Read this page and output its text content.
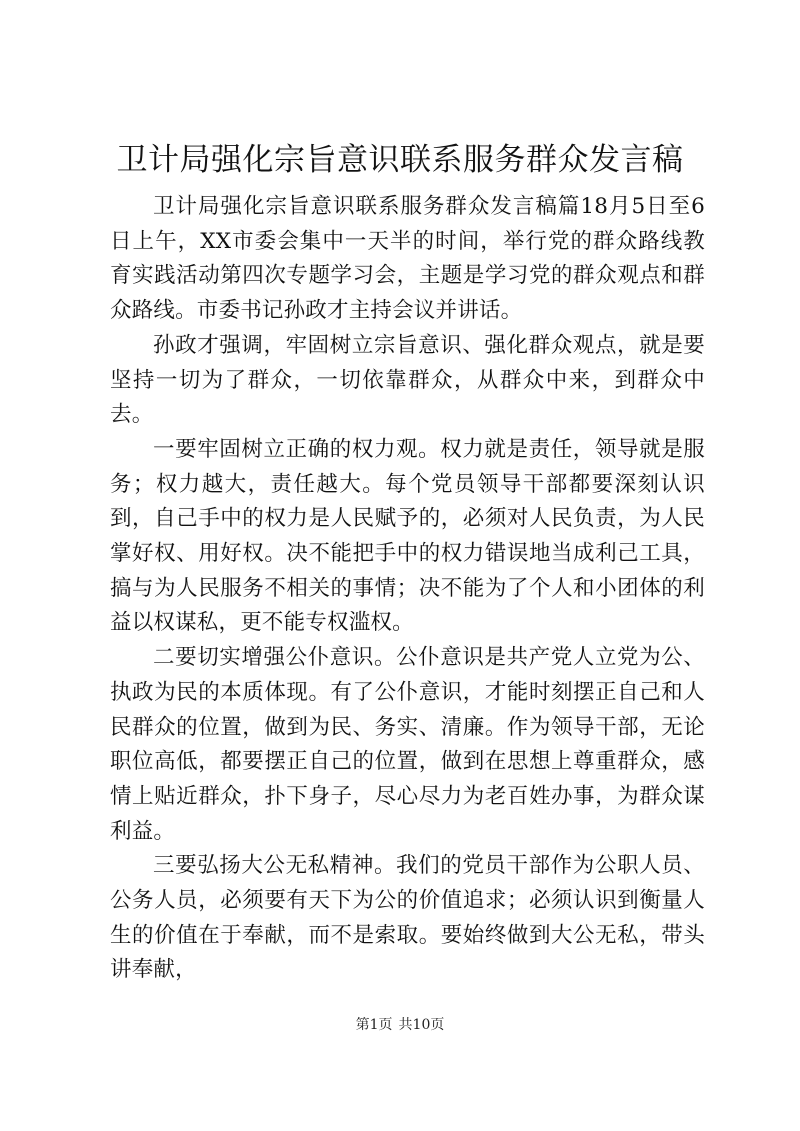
卫计局强化宗旨意识联系服务群众发言稿

卫计局强化宗旨意识联系服务群众发言稿篇18月5日至6日上午，XX市委会集中一天半的时间，举行党的群众路线教育实践活动第四次专题学习会，主题是学习党的群众观点和群众路线。市委书记孙政才主持会议并讲话。

孙政才强调，牢固树立宗旨意识、强化群众观点，就是要坚持一切为了群众，一切依靠群众，从群众中来，到群众中去。

一要牢固树立正确的权力观。权力就是责任，领导就是服务；权力越大，责任越大。每个党员领导干部都要深刻认识到，自己手中的权力是人民赋予的，必须对人民负责，为人民掌好权、用好权。决不能把手中的权力错误地当成利己工具，搞与为人民服务不相关的事情；决不能为了个人和小团体的利益以权谋私，更不能专权滥权。

二要切实增强公仆意识。公仆意识是共产党人立党为公、执政为民的本质体现。有了公仆意识，才能时刻摆正自己和人民群众的位置，做到为民、务实、清廉。作为领导干部，无论职位高低，都要摆正自己的位置，做到在思想上尊重群众，感情上贴近群众，扑下身子，尽心尽力为老百姓办事，为群众谋利益。

三要弘扬大公无私精神。我们的党员干部作为公职人员、公务人员，必须要有天下为公的价值追求；必须认识到衡量人生的价值在于奉献，而不是索取。要始终做到大公无私，带头讲奉献，

第1页 共10页
